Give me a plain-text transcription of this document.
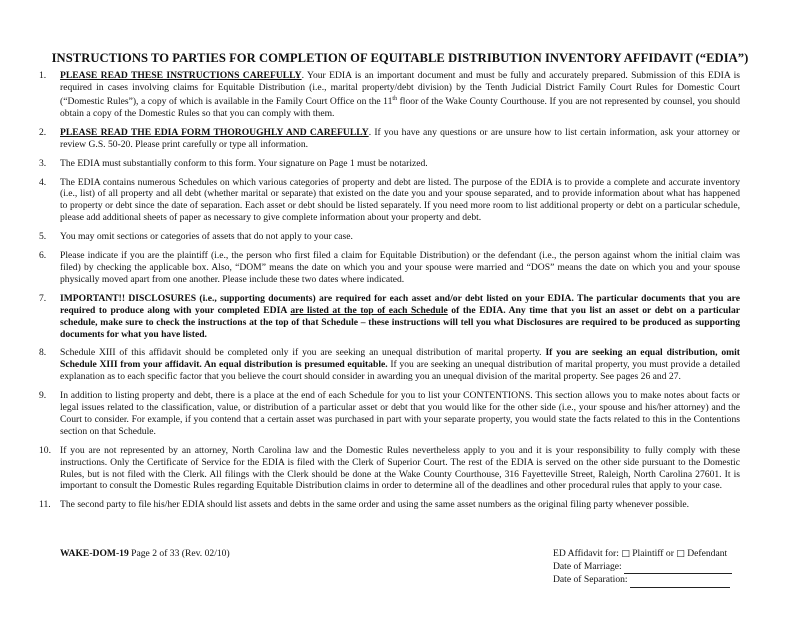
INSTRUCTIONS TO PARTIES FOR COMPLETION OF EQUITABLE DISTRIBUTION INVENTORY AFFIDAVIT (“EDIA”)
1.	PLEASE READ THESE INSTRUCTIONS CAREFULLY. Your EDIA is an important document and must be fully and accurately prepared. Submission of this EDIA is required in cases involving claims for Equitable Distribution (i.e., marital property/debt division) by the Tenth Judicial District Family Court Rules for Domestic Court (“Domestic Rules”), a copy of which is available in the Family Court Office on the 11th floor of the Wake County Courthouse. If you are not represented by counsel, you should obtain a copy of the Domestic Rules so that you can comply with them.
2.	PLEASE READ THE EDIA FORM THOROUGHLY AND CAREFULLY. If you have any questions or are unsure how to list certain information, ask your attorney or review G.S. 50-20. Please print carefully or type all information.
3.	The EDIA must substantially conform to this form. Your signature on Page 1 must be notarized.
4.	The EDIA contains numerous Schedules on which various categories of property and debt are listed. The purpose of the EDIA is to provide a complete and accurate inventory (i.e., list) of all property and all debt (whether marital or separate) that existed on the date you and your spouse separated, and to provide information about what has happened to property or debt since the date of separation. Each asset or debt should be listed separately. If you need more room to list additional property or debt on a particular schedule, please add additional sheets of paper as necessary to give complete information about your property and debt.
5.	You may omit sections or categories of assets that do not apply to your case.
6.	Please indicate if you are the plaintiff (i.e., the person who first filed a claim for Equitable Distribution) or the defendant (i.e., the person against whom the initial claim was filed) by checking the applicable box. Also, “DOM” means the date on which you and your spouse were married and “DOS” means the date on which you and your spouse physically moved apart from one another. Please include these two dates where indicated.
7.	IMPORTANT!! DISCLOSURES (i.e., supporting documents) are required for each asset and/or debt listed on your EDIA. The particular documents that you are required to produce along with your completed EDIA are listed at the top of each Schedule of the EDIA. Any time that you list an asset or debt on a particular schedule, make sure to check the instructions at the top of that Schedule – these instructions will tell you what Disclosures are required to be produced as supporting documents for what you have listed.
8.	Schedule XIII of this affidavit should be completed only if you are seeking an unequal distribution of marital property. If you are seeking an equal distribution, omit Schedule XIII from your affidavit. An equal distribution is presumed equitable. If you are seeking an unequal distribution of marital property, you must provide a detailed explanation as to each specific factor that you believe the court should consider in awarding you an unequal division of the marital property. See pages 26 and 27.
9.	In addition to listing property and debt, there is a place at the end of each Schedule for you to list your CONTENTIONS. This section allows you to make notes about facts or legal issues related to the classification, value, or distribution of a particular asset or debt that you would like for the other side (i.e., your spouse and his/her attorney) and the Court to consider. For example, if you contend that a certain asset was purchased in part with your separate property, you would state the facts related to this in the Contentions section on that Schedule.
10. If you are not represented by an attorney, North Carolina law and the Domestic Rules nevertheless apply to you and it is your responsibility to fully comply with these instructions. Only the Certificate of Service for the EDIA is filed with the Clerk of Superior Court. The rest of the EDIA is served on the other side pursuant to the Domestic Rules, but is not filed with the Clerk. All filings with the Clerk should be done at the Wake County Courthouse, 316 Fayetteville Street, Raleigh, North Carolina 27601. It is important to consult the Domestic Rules regarding Equitable Distribution claims in order to determine all of the deadlines and other procedural rules that apply to your case.
11. The second party to file his/her EDIA should list assets and debts in the same order and using the same asset numbers as the original filing party whenever possible.
WAKE-DOM-19 Page 2 of 33 (Rev. 02/10)	ED Affidavit for: □ Plaintiff or □ Defendant
Date of Marriage:
Date of Separation:
